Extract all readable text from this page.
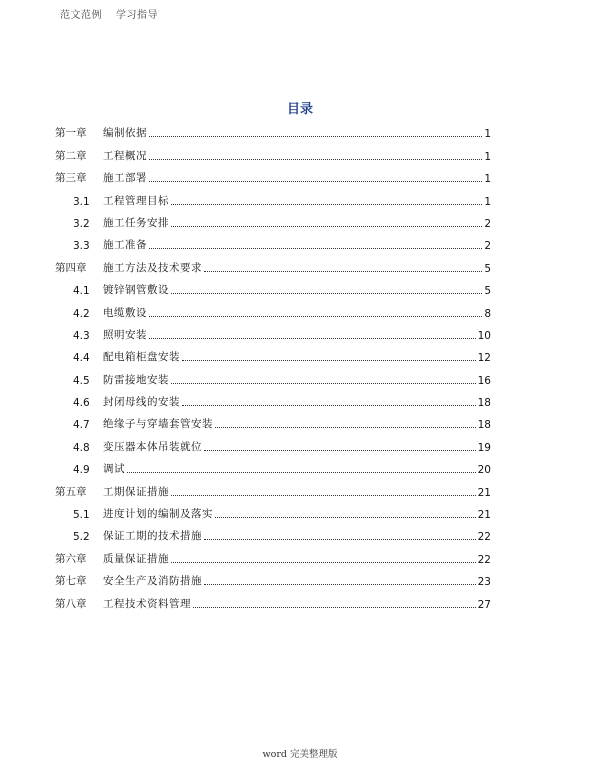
范文范例 学习指导
目录
第一章	编制依据	1
第二章	工程概况	1
第三章	施工部署	1
3.1	工程管理目标	1
3.2	施工任务安排	2
3.3	施工准备	2
第四章	施工方法及技术要求	5
4.1	镀锌钢管敷设	5
4.2	电缆敷设	8
4.3	照明安装	10
4.4	配电箱柜盘安装	12
4.5	防雷接地安装	16
4.6	封闭母线的安装	18
4.7	绝缘子与穿墙套管安装	18
4.8	变压器本体吊装就位	19
4.9	调试	20
第五章	工期保证措施	21
5.1	进度计划的编制及落实	21
5.2	保证工期的技术措施	22
第六章	质量保证措施	22
第七章	安全生产及消防措施	23
第八章	工程技术资料管理	27
word 完美整理版
